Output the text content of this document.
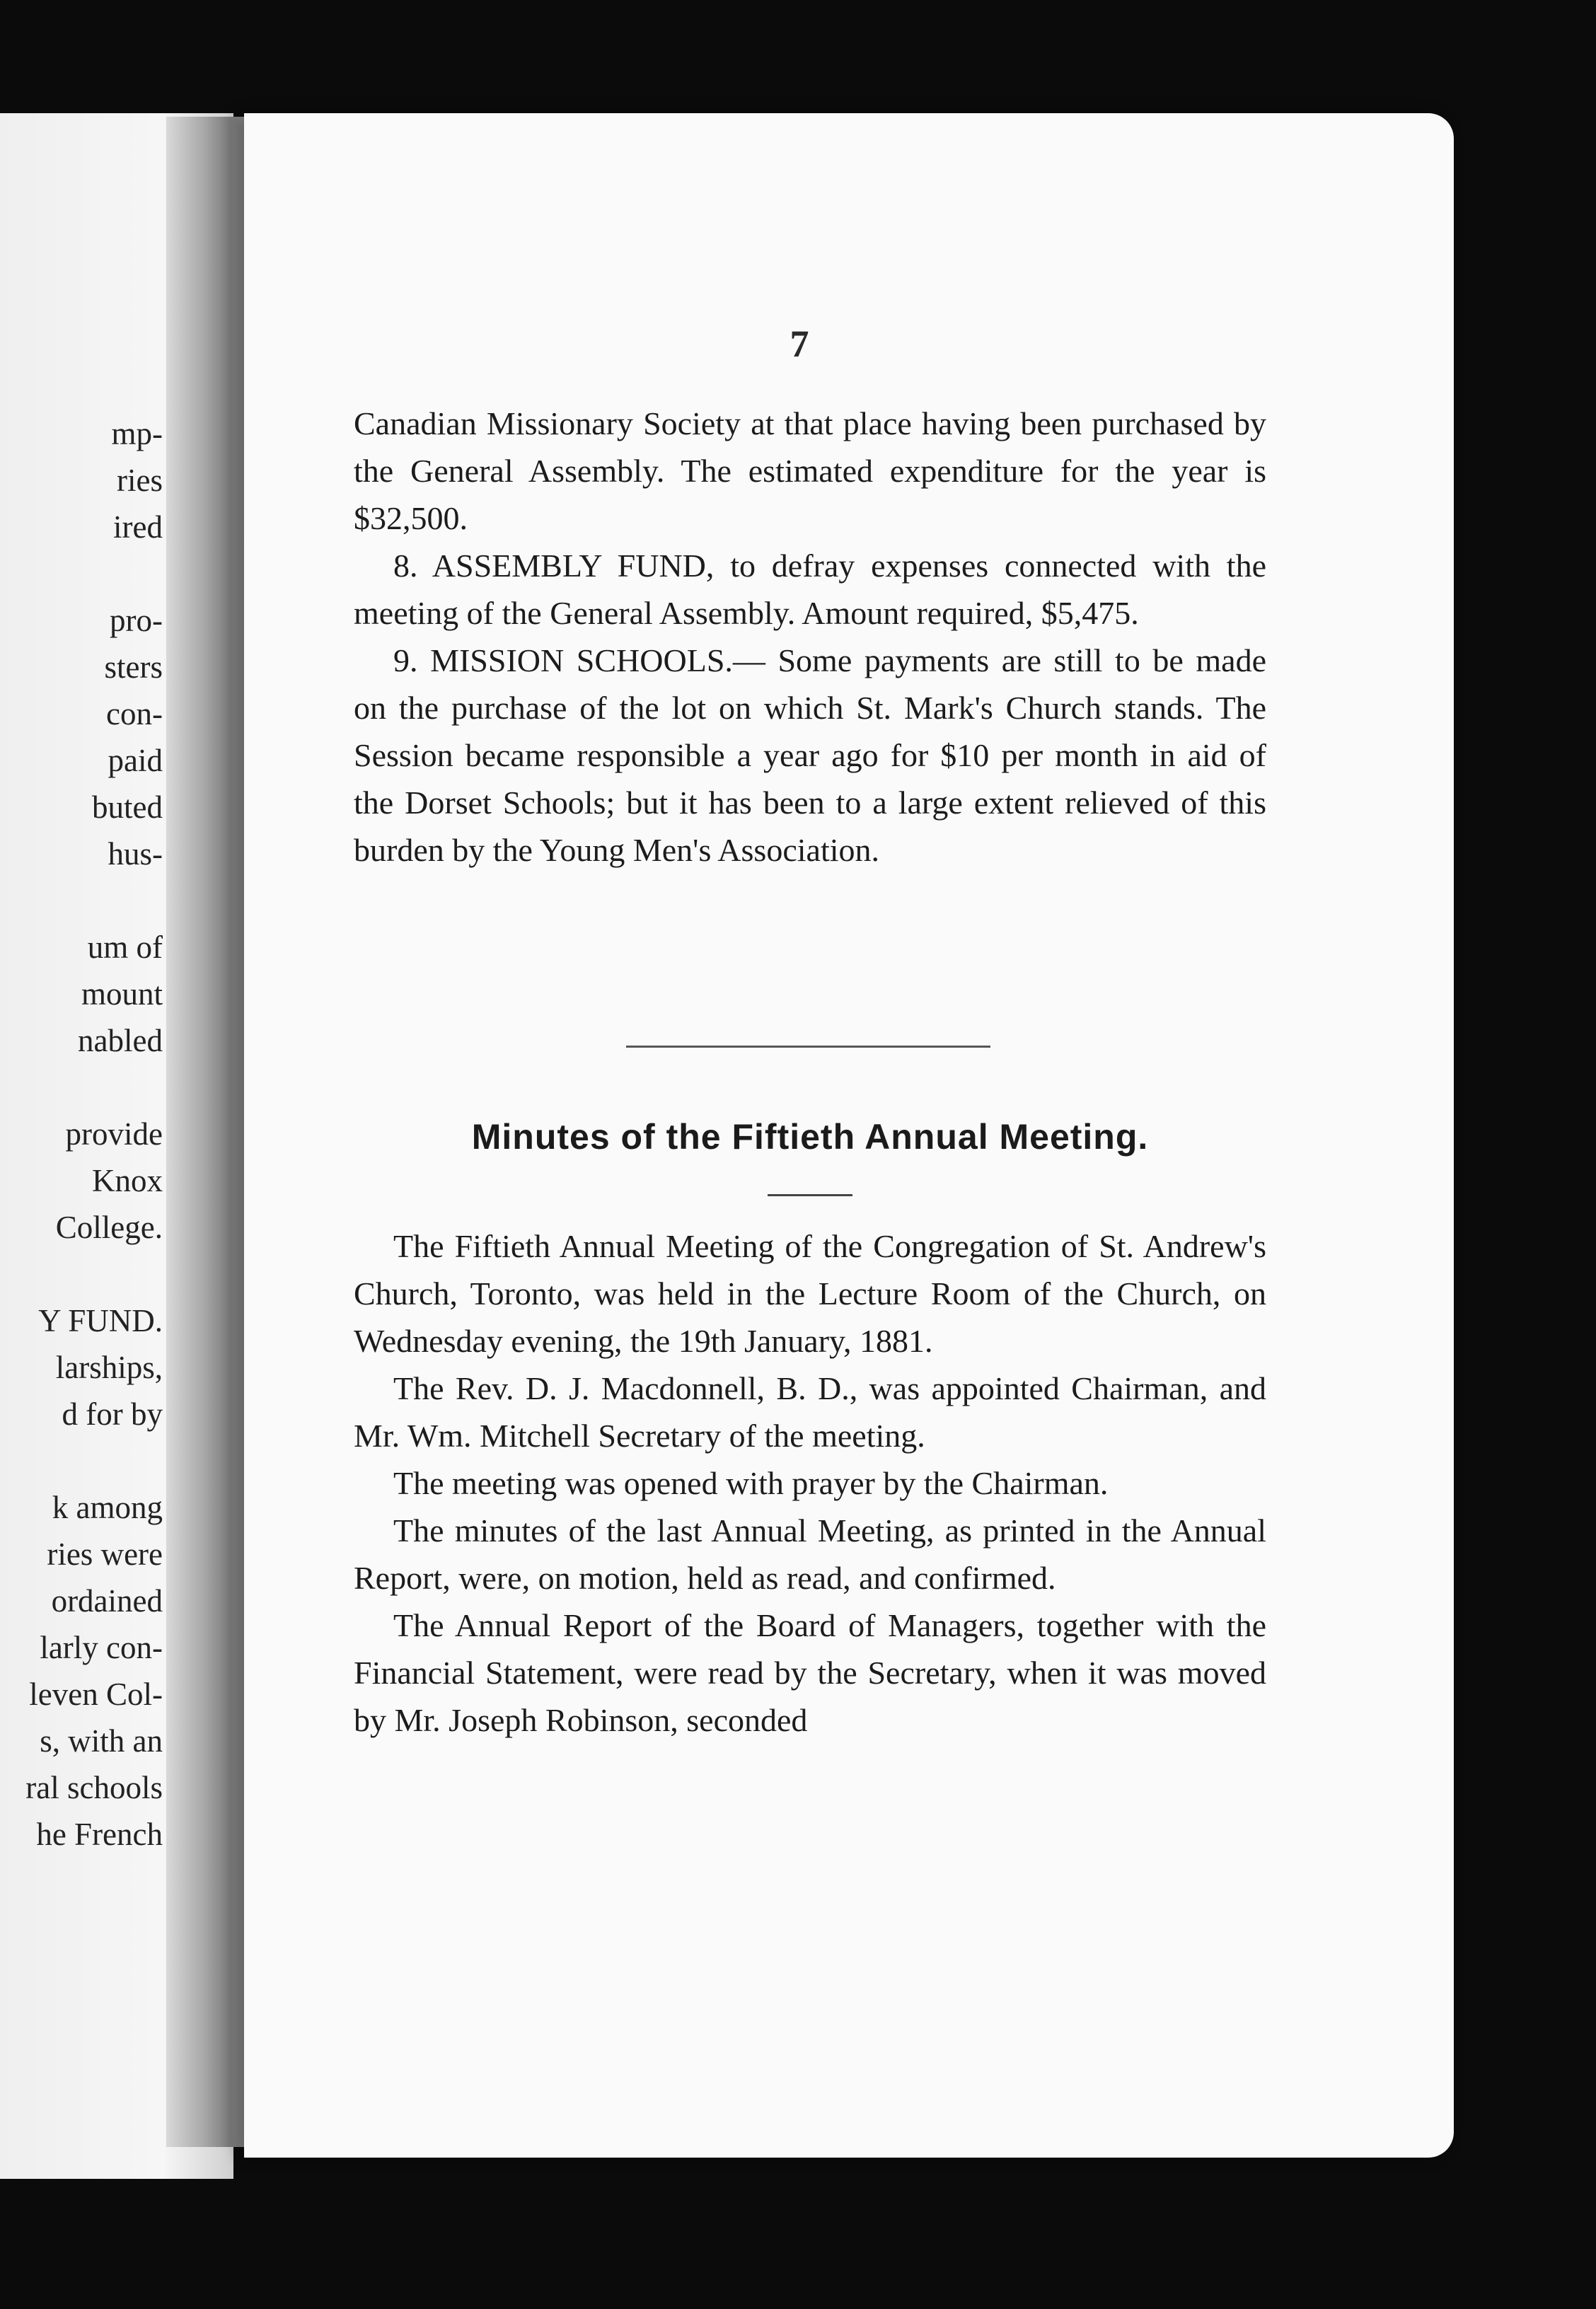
mp-
ries
ired
pro-
sters
con-
paid
buted
hus-
um of
mount
nabled
provide
Knox
College.
Y FUND.
larships,
d for by
k among
ries were
ordained
larly con-
leven Col-
s, with an
ral schools
he French
7

Canadian Missionary Society at that place having been purchased by the General Assembly. The estimated expenditure for the year is $32,500.

8. ASSEMBLY FUND, to defray expenses connected with the meeting of the General Assembly. Amount required, $5,475.

9. MISSION SCHOOLS.— Some payments are still to be made on the purchase of the lot on which St. Mark's Church stands. The Session became responsible a year ago for $10 per month in aid of the Dorset Schools; but it has been to a large extent relieved of this burden by the Young Men's Association.

Minutes of the Fiftieth Annual Meeting.

The Fiftieth Annual Meeting of the Congregation of St. Andrew's Church, Toronto, was held in the Lecture Room of the Church, on Wednesday evening, the 19th January, 1881.

The Rev. D. J. Macdonnell, B. D., was appointed Chairman, and Mr. Wm. Mitchell Secretary of the meeting.

The meeting was opened with prayer by the Chairman.

The minutes of the last Annual Meeting, as printed in the Annual Report, were, on motion, held as read, and confirmed.

The Annual Report of the Board of Managers, together with the Financial Statement, were read by the Secretary, when it was moved by Mr. Joseph Robinson, seconded
